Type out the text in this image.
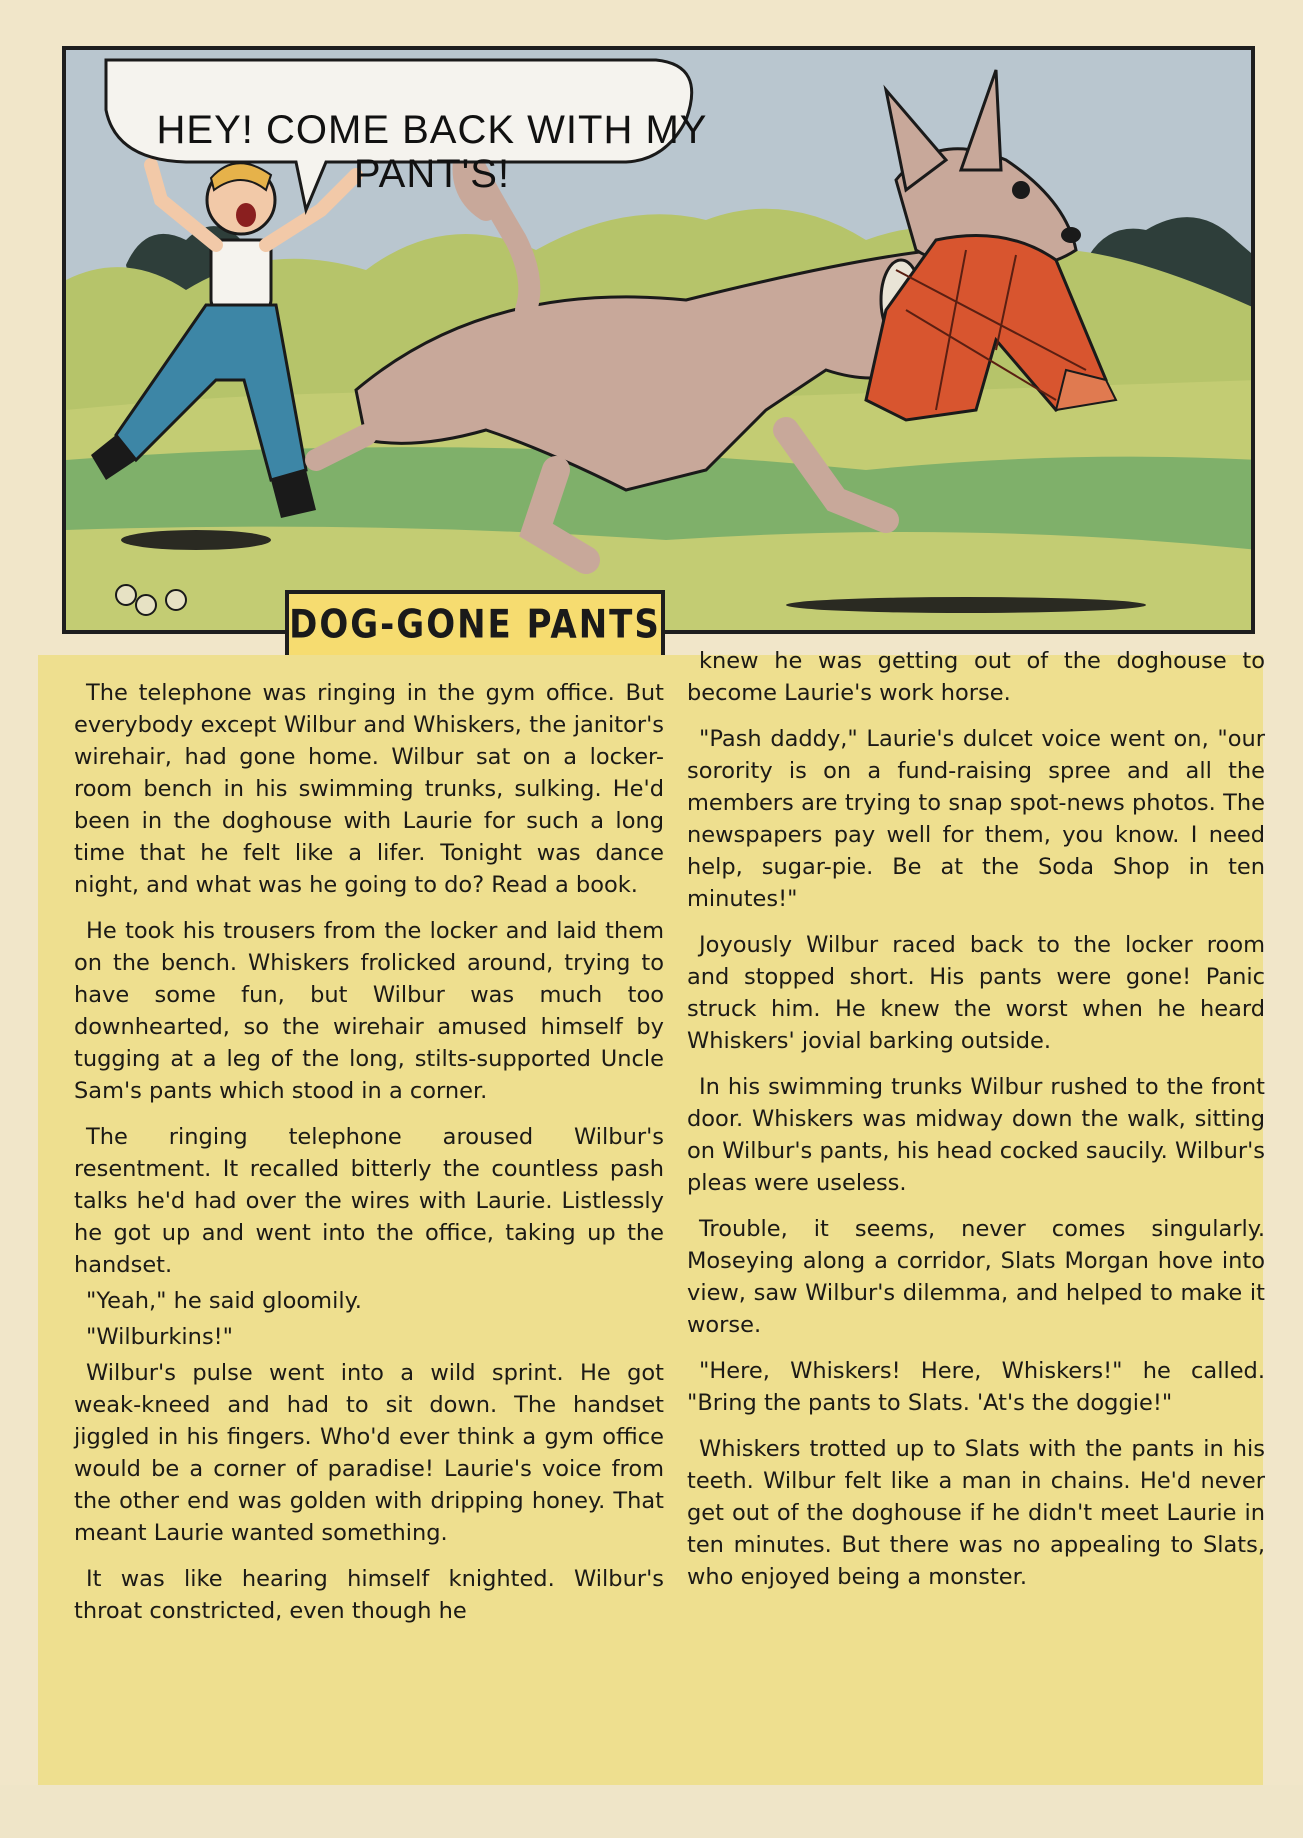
HEY! COME BACK WITH MY PANT'S!
DOG-GONE PANTS

The telephone was ringing in the gym office. But everybody except Wilbur and Whiskers, the janitor's wirehair, had gone home. Wilbur sat on a locker-room bench in his swimming trunks, sulking. He'd been in the doghouse with Laurie for such a long time that he felt like a lifer. Tonight was dance night, and what was he going to do? Read a book.

He took his trousers from the locker and laid them on the bench. Whiskers frolicked around, trying to have some fun, but Wilbur was much too downhearted, so the wirehair amused himself by tugging at a leg of the long, stilts-supported Uncle Sam's pants which stood in a corner.

The ringing telephone aroused Wilbur's resentment. It recalled bitterly the countless pash talks he'd had over the wires with Laurie. Listlessly he got up and went into the office, taking up the handset.

"Yeah," he said gloomily.

"Wilburkins!"

Wilbur's pulse went into a wild sprint. He got weak-kneed and had to sit down. The handset jiggled in his fingers. Who'd ever think a gym office would be a corner of paradise! Laurie's voice from the other end was golden with dripping honey. That meant Laurie wanted something.

It was like hearing himself knighted. Wilbur's throat constricted, even though he

knew he was getting out of the doghouse to become Laurie's work horse.

"Pash daddy," Laurie's dulcet voice went on, "our sorority is on a fund-raising spree and all the members are trying to snap spot-news photos. The newspapers pay well for them, you know. I need help, sugar-pie. Be at the Soda Shop in ten minutes!"

Joyously Wilbur raced back to the locker room and stopped short. His pants were gone! Panic struck him. He knew the worst when he heard Whiskers' jovial barking outside.

In his swimming trunks Wilbur rushed to the front door. Whiskers was midway down the walk, sitting on Wilbur's pants, his head cocked saucily. Wilbur's pleas were useless.

Trouble, it seems, never comes singularly. Moseying along a corridor, Slats Morgan hove into view, saw Wilbur's dilemma, and helped to make it worse.

"Here, Whiskers! Here, Whiskers!" he called. "Bring the pants to Slats. 'At's the doggie!"

Whiskers trotted up to Slats with the pants in his teeth. Wilbur felt like a man in chains. He'd never get out of the doghouse if he didn't meet Laurie in ten minutes. But there was no appealing to Slats, who enjoyed being a monster.
